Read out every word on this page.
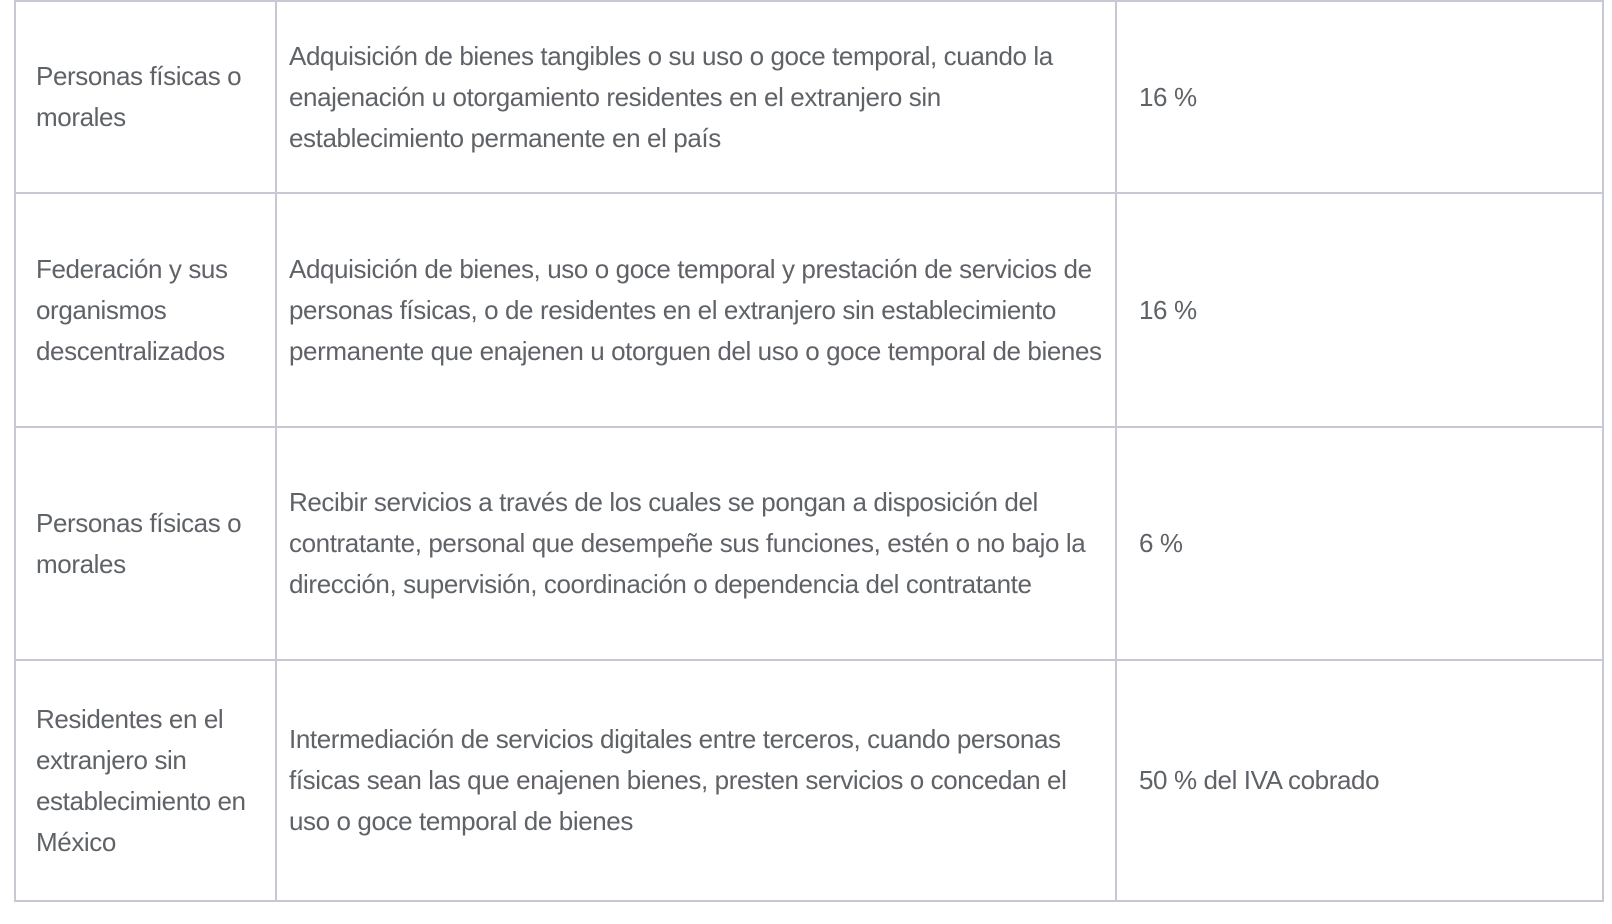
Personas físicas o morales	Adquisición de bienes tangibles o su uso o goce temporal, cuando la enajenación u otorgamiento residentes en el extranjero sin establecimiento permanente en el país	16 %
Federación y sus organismos descentralizados	Adquisición de bienes, uso o goce temporal y prestación de servicios de personas físicas, o de residentes en el extranjero sin establecimiento permanente que enajenen u otorguen del uso o goce temporal de bienes	16 %
Personas físicas o morales	Recibir servicios a través de los cuales se pongan a disposición del contratante, personal que desempeñe sus funciones, estén o no bajo la dirección, supervisión, coordinación o dependencia del contratante	6 %
Residentes en el extranjero sin establecimiento en México	Intermediación de servicios digitales entre terceros, cuando personas físicas sean las que enajenen bienes, presten servicios o concedan el uso o goce temporal de bienes	50 % del IVA cobrado
